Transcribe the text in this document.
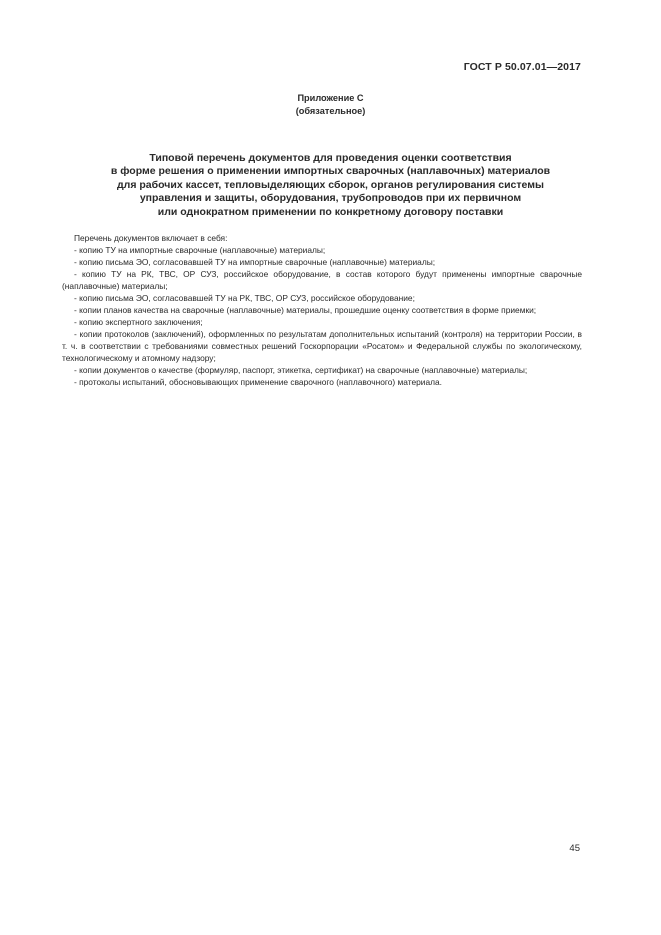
ГОСТ Р 50.07.01—2017
Приложение С
(обязательное)
Типовой перечень документов для проведения оценки соответствия
в форме решения о применении импортных сварочных (наплавочных) материалов
для рабочих кассет, тепловыделяющих сборок, органов регулирования системы
управления и защиты, оборудования, трубопроводов при их первичном
или однократном применении по конкретному договору поставки

Перечень документов включает в себя:

- копию ТУ на импортные сварочные (наплавочные) материалы;

- копию письма ЭО, согласовавшей ТУ на импортные сварочные (наплавочные) материалы;

- копию ТУ на РК, ТВС, ОР СУЗ, российское оборудование, в состав которого будут применены импортные сварочные (наплавочные) материалы;

- копию письма ЭО, согласовавшей ТУ на РК, ТВС, ОР СУЗ, российское оборудование;

- копии планов качества на сварочные (наплавочные) материалы, прошедшие оценку соответствия в форме приемки;

- копию экспертного заключения;

- копии протоколов (заключений), оформленных по результатам дополнительных испытаний (контроля) на территории России, в т. ч. в соответствии с требованиями совместных решений Госкорпорации «Росатом» и Федеральной службы по экологическому, технологическому и атомному надзору;

- копии документов о качестве (формуляр, паспорт, этикетка, сертификат) на сварочные (наплавочные) материалы;

- протоколы испытаний, обосновывающих применение сварочного (наплавочного) материала.

45
